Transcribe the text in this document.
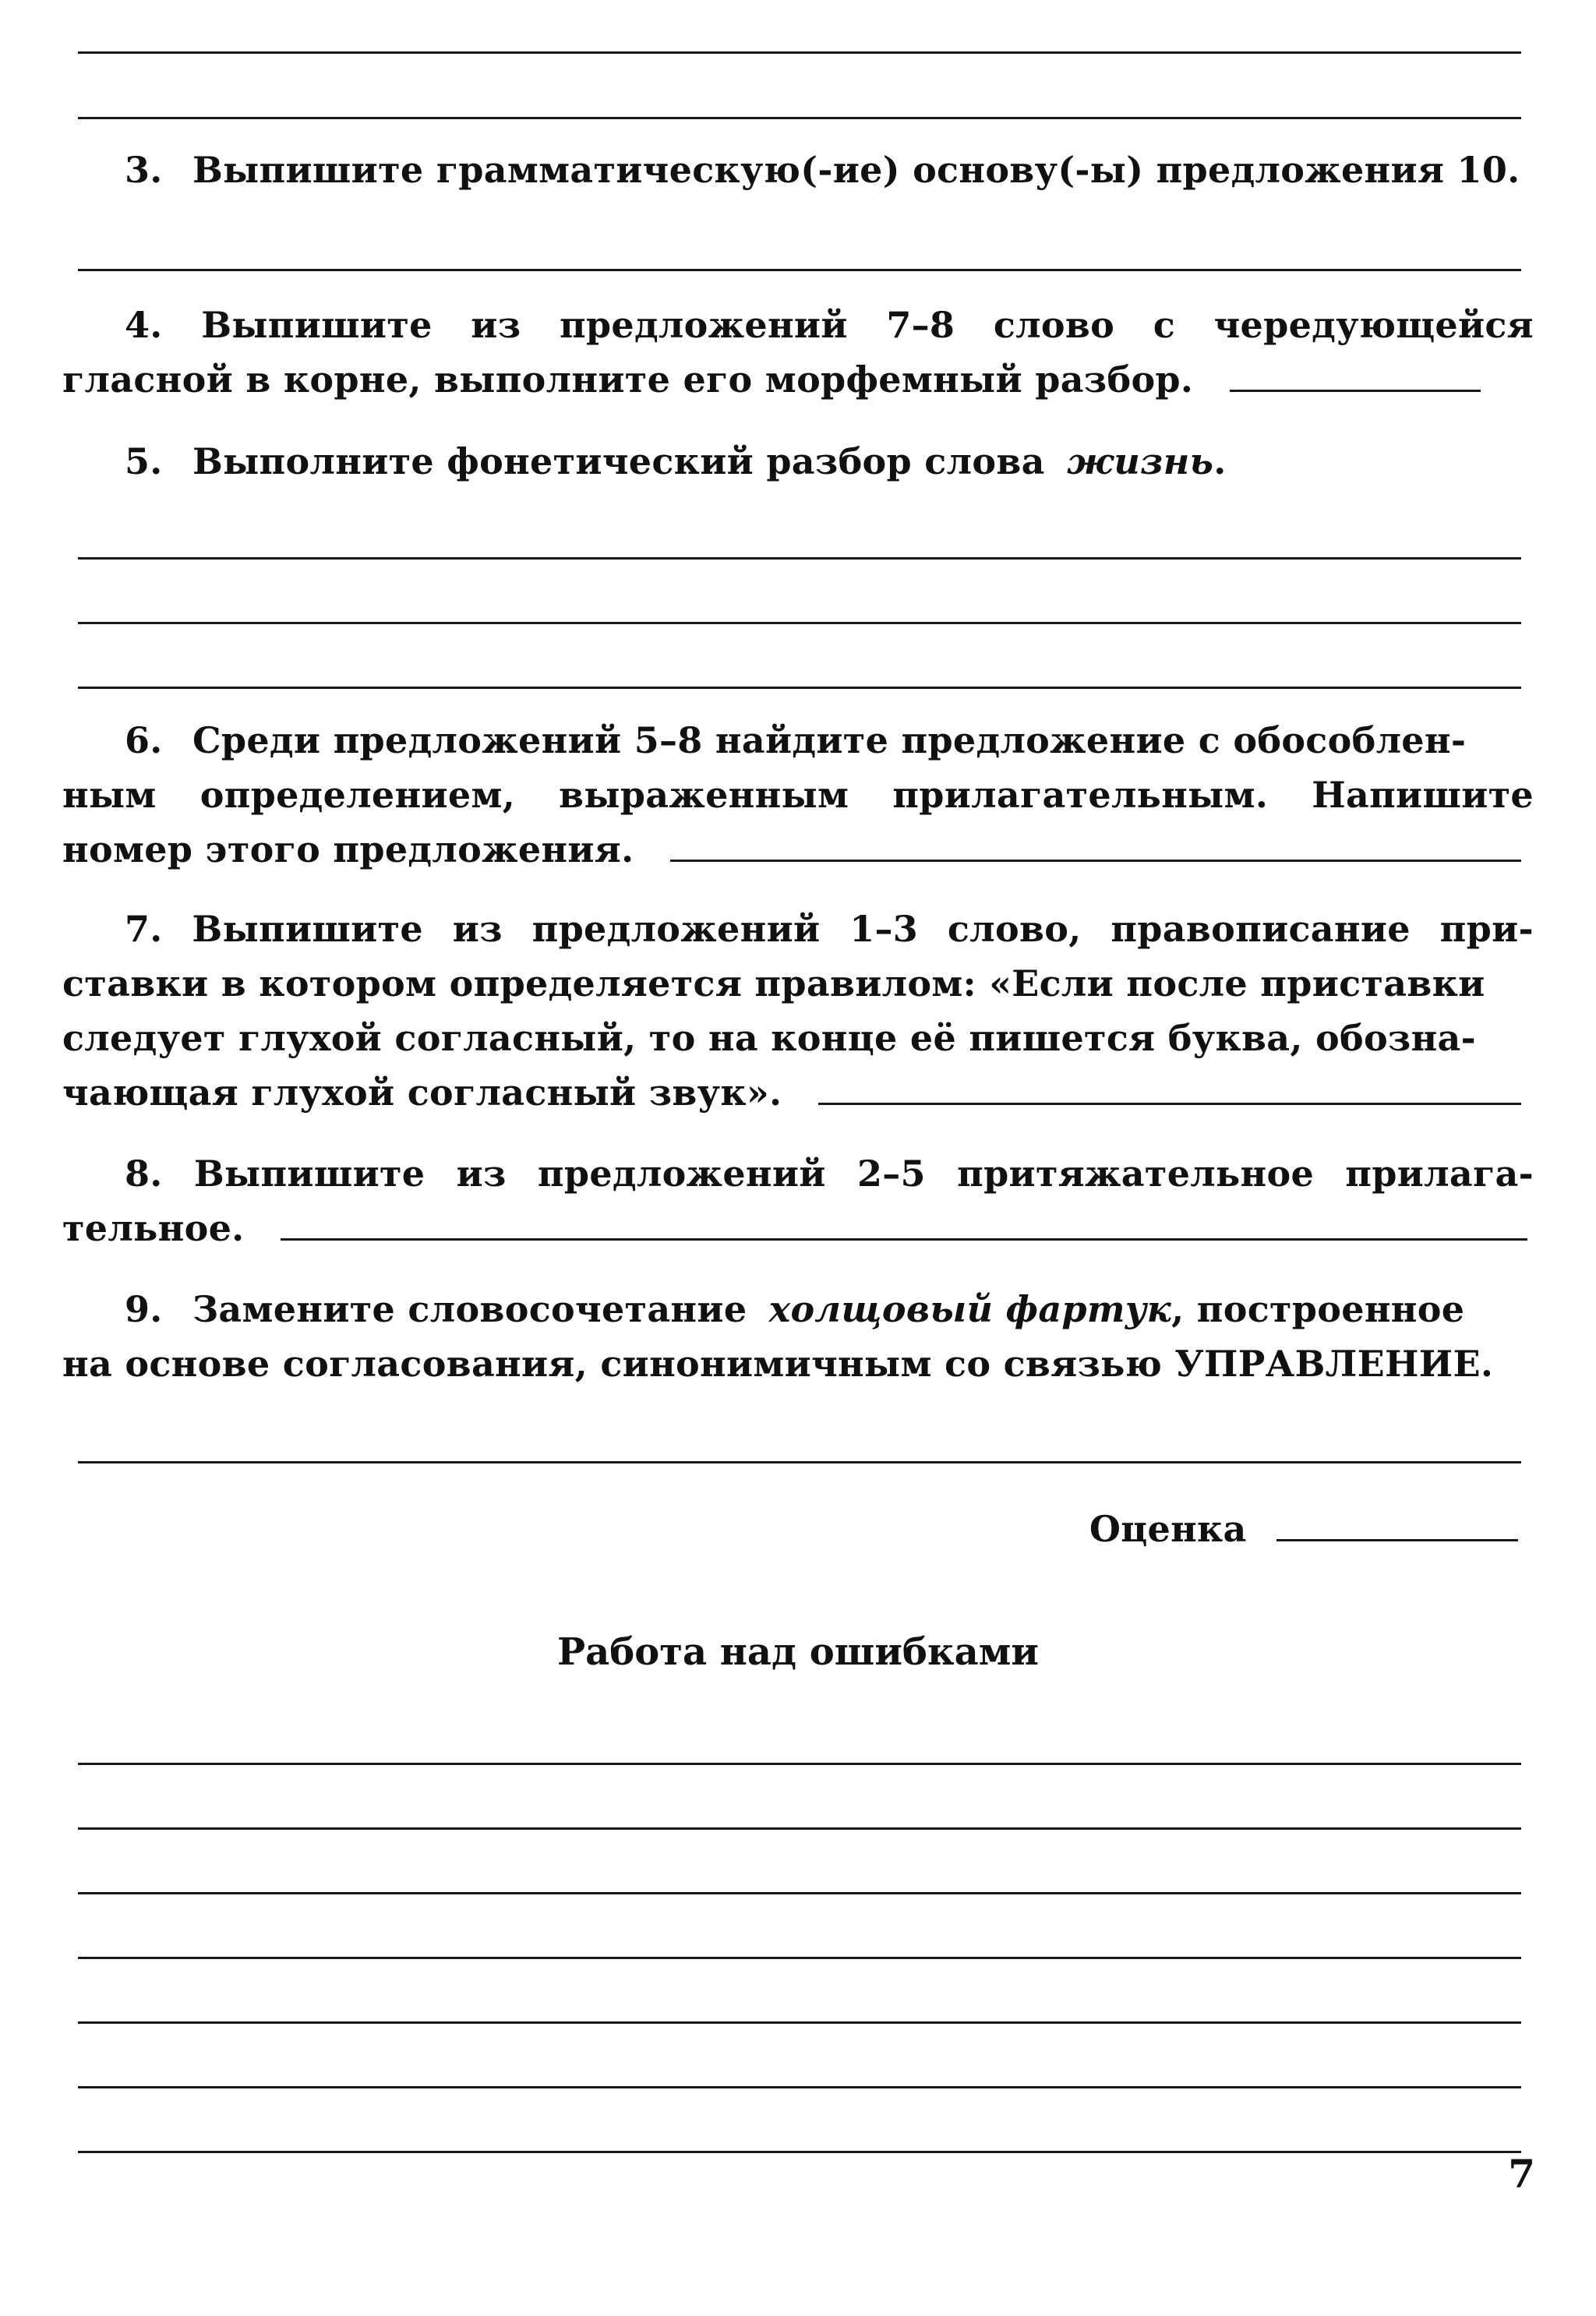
3. Выпишите грамматическую(-ие) основу(-ы) предложения 10.
4. Выпишите из предложений 7–8 слово с чередующейся
гласной в корне, выполните его морфемный разбор.
5. Выполните фонетический разбор слова жизнь.
6. Среди предложений 5–8 найдите предложение с обособлен-
ным определением, выраженным прилагательным. Напишите
номер этого предложения.
7. Выпишите из предложений 1–3 слово, правописание при-
ставки в котором определяется правилом: «Если после приставки
следует глухой согласный, то на конце её пишется буква, обозна-
чающая глухой согласный звук».
8. Выпишите из предложений 2–5 притяжательное прилага-
тельное.
9. Замените словосочетание холщовый фартук, построенное
на основе согласования, синонимичным со связью УПРАВЛЕНИЕ.
Оценка
Работа над ошибками
7
